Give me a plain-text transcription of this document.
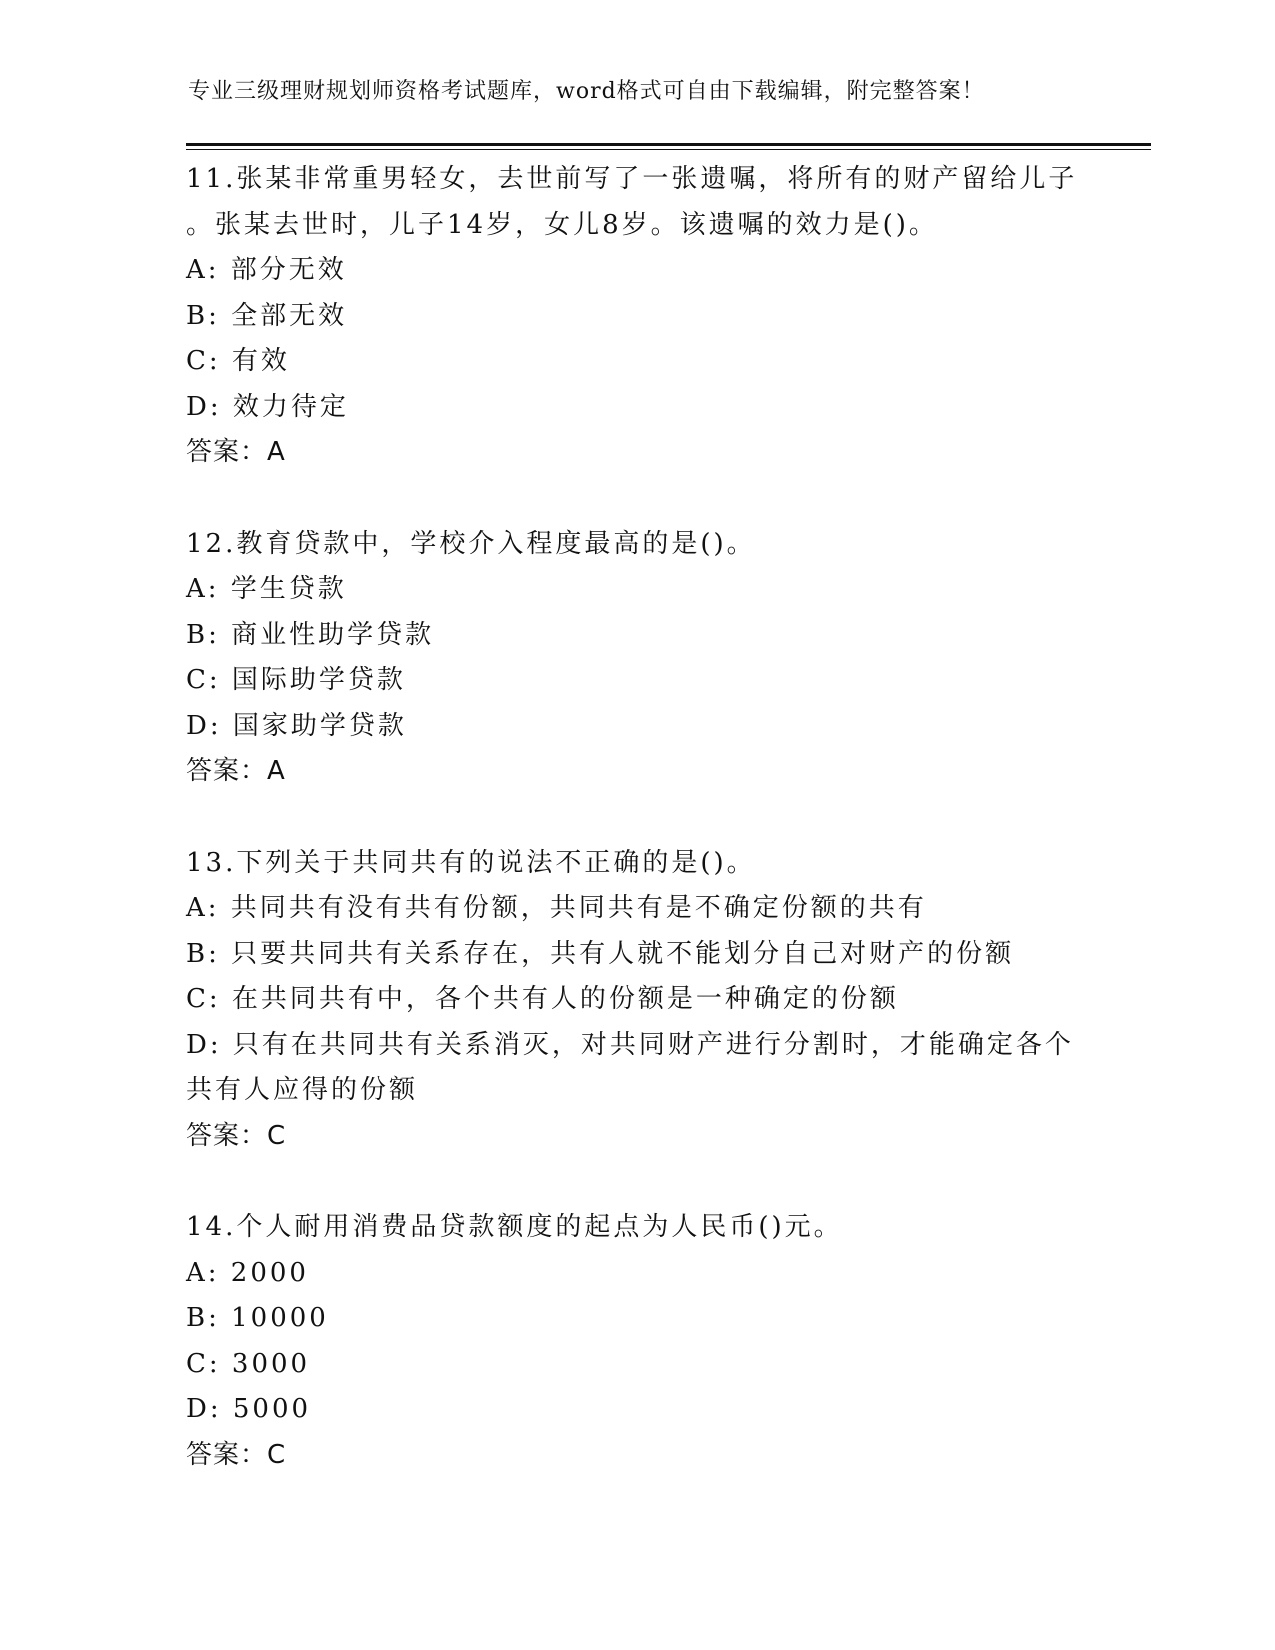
专业三级理财规划师资格考试题库，word格式可自由下载编辑，附完整答案！
11.张某非常重男轻女，去世前写了一张遗嘱，将所有的财产留给儿子
。张某去世时，儿子14岁，女儿8岁。该遗嘱的效力是()。
A: 部分无效
B: 全部无效
C: 有效
D: 效力待定
答案：A
12.教育贷款中，学校介入程度最高的是()。
A: 学生贷款
B: 商业性助学贷款
C: 国际助学贷款
D: 国家助学贷款
答案：A
13.下列关于共同共有的说法不正确的是()。
A: 共同共有没有共有份额，共同共有是不确定份额的共有
B: 只要共同共有关系存在，共有人就不能划分自己对财产的份额
C: 在共同共有中，各个共有人的份额是一种确定的份额
D: 只有在共同共有关系消灭，对共同财产进行分割时，才能确定各个
共有人应得的份额
答案：C
14.个人耐用消费品贷款额度的起点为人民币()元。
A: 2000
B: 10000
C: 3000
D: 5000
答案：C
